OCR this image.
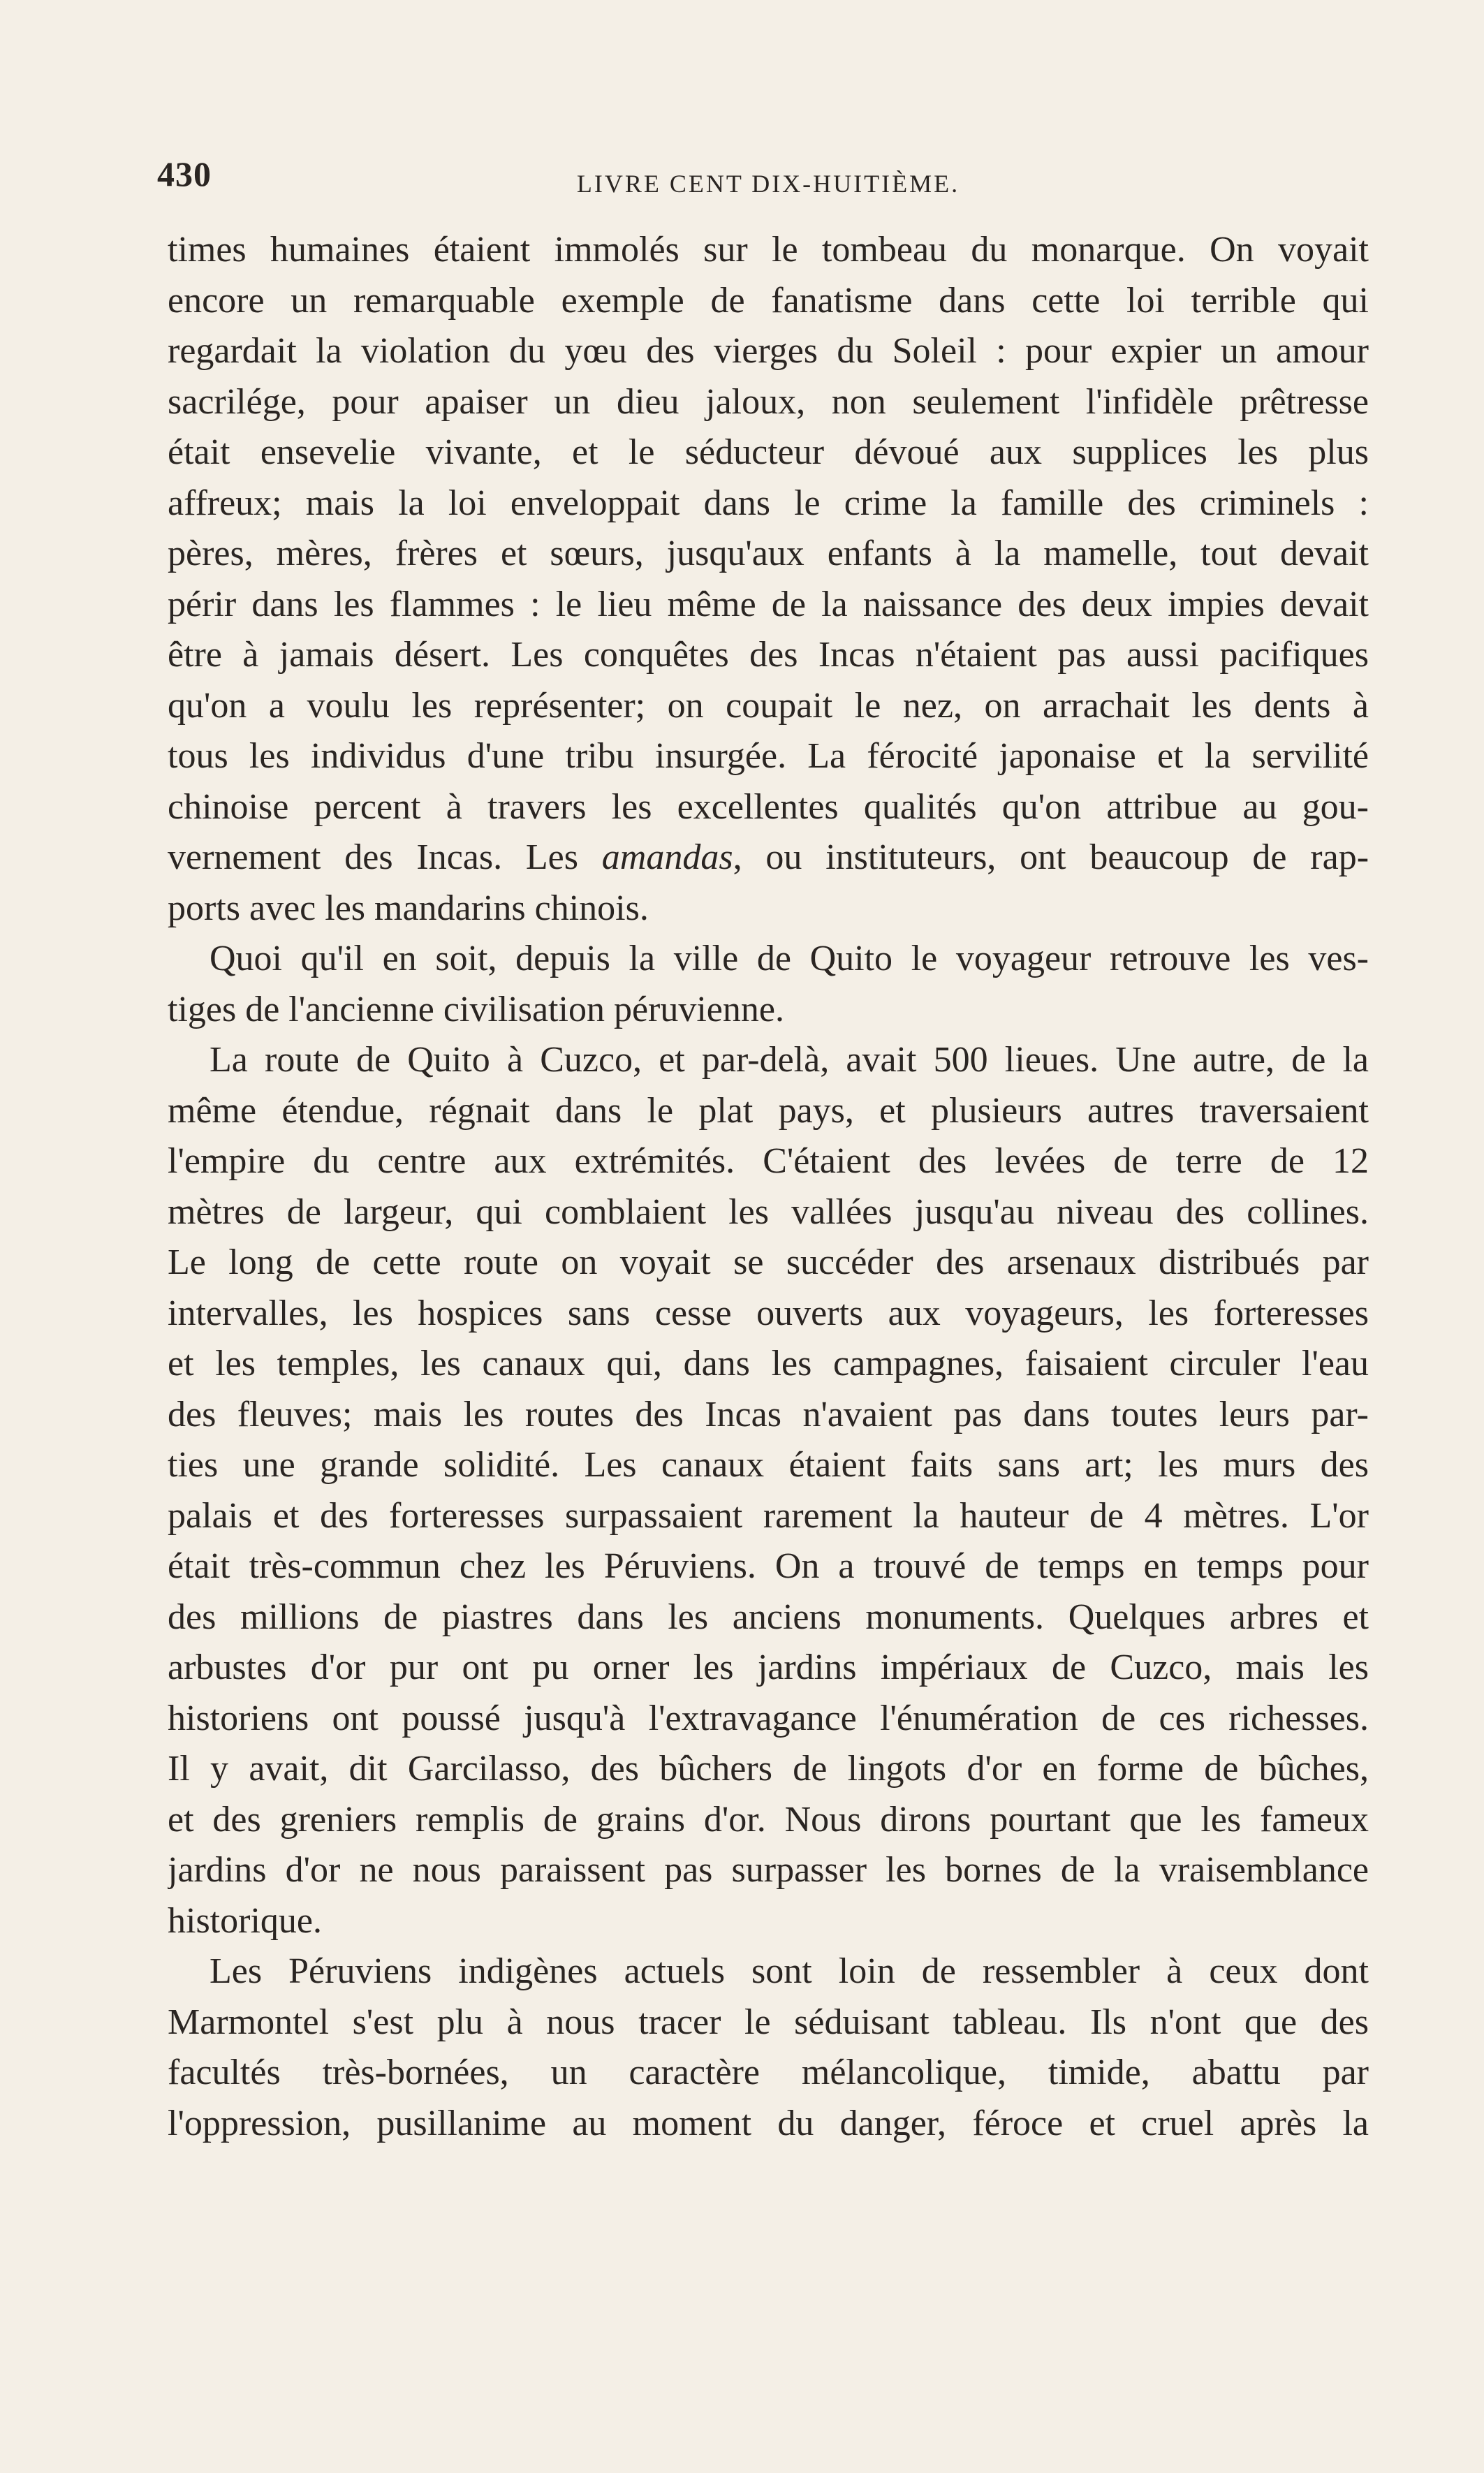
430	LIVRE CENT DIX-HUITIÈME.
times humaines étaient immolés sur le tombeau du monarque. On voyait
encore un remarquable exemple de fanatisme dans cette loi terrible qui
regardait la violation du yœu des vierges du Soleil : pour expier un amour
sacrilége, pour apaiser un dieu jaloux, non seulement l'infidèle prêtresse
était ensevelie vivante, et le séducteur dévoué aux supplices les plus
affreux; mais la loi enveloppait dans le crime la famille des criminels :
pères, mères, frères et sœurs, jusqu'aux enfants à la mamelle, tout devait
périr dans les flammes : le lieu même de la naissance des deux impies devait
être à jamais désert. Les conquêtes des Incas n'étaient pas aussi pacifiques
qu'on a voulu les représenter; on coupait le nez, on arrachait les dents à
tous les individus d'une tribu insurgée. La férocité japonaise et la servilité
chinoise percent à travers les excellentes qualités qu'on attribue au gou-
vernement des Incas. Les amandas, ou instituteurs, ont beaucoup de rap-
ports avec les mandarins chinois.
Quoi qu'il en soit, depuis la ville de Quito le voyageur retrouve les ves-
tiges de l'ancienne civilisation péruvienne.
La route de Quito à Cuzco, et par-delà, avait 500 lieues. Une autre, de la
même étendue, régnait dans le plat pays, et plusieurs autres traversaient
l'empire du centre aux extrémités. C'étaient des levées de terre de 12
mètres de largeur, qui comblaient les vallées jusqu'au niveau des collines.
Le long de cette route on voyait se succéder des arsenaux distribués par
intervalles, les hospices sans cesse ouverts aux voyageurs, les forteresses
et les temples, les canaux qui, dans les campagnes, faisaient circuler l'eau
des fleuves; mais les routes des Incas n'avaient pas dans toutes leurs par-
ties une grande solidité. Les canaux étaient faits sans art; les murs des
palais et des forteresses surpassaient rarement la hauteur de 4 mètres. L'or
était très-commun chez les Péruviens. On a trouvé de temps en temps pour
des millions de piastres dans les anciens monuments. Quelques arbres et
arbustes d'or pur ont pu orner les jardins impériaux de Cuzco, mais les
historiens ont poussé jusqu'à l'extravagance l'énumération de ces richesses.
Il y avait, dit Garcilasso, des bûchers de lingots d'or en forme de bûches,
et des greniers remplis de grains d'or. Nous dirons pourtant que les fameux
jardins d'or ne nous paraissent pas surpasser les bornes de la vraisemblance
historique.
Les Péruviens indigènes actuels sont loin de ressembler à ceux dont
Marmontel s'est plu à nous tracer le séduisant tableau. Ils n'ont que des
facultés très-bornées, un caractère mélancolique, timide, abattu par
l'oppression, pusillanime au moment du danger, féroce et cruel après la
